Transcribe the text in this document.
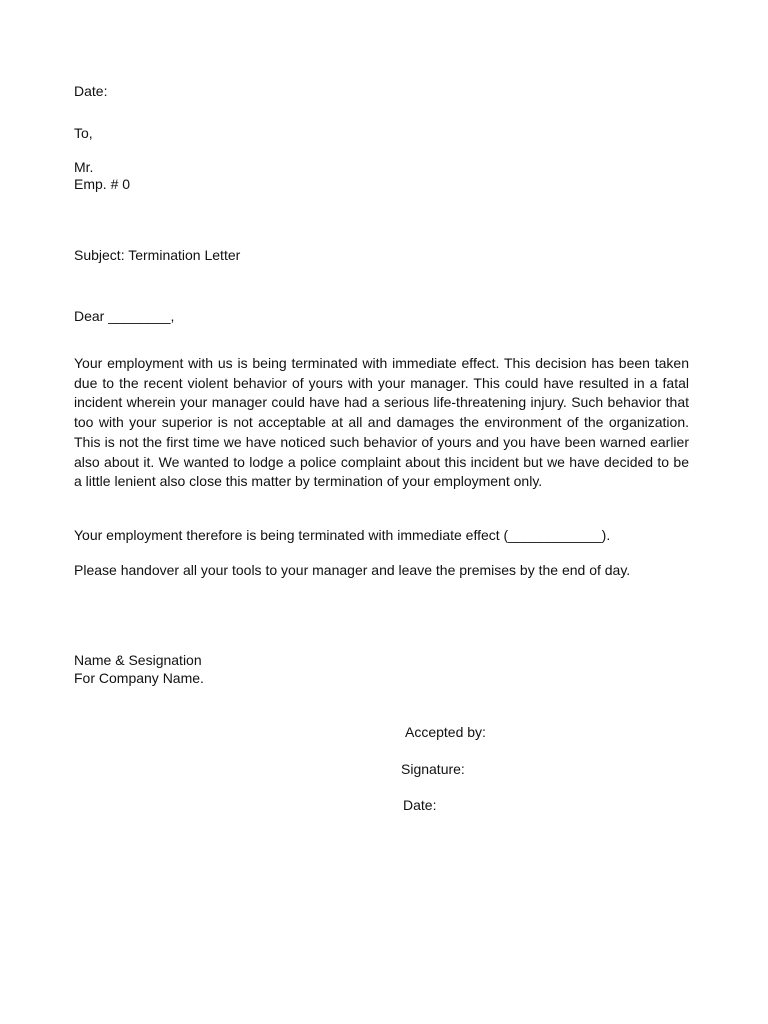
Date:
To,
Mr.
Emp. # 0
Subject: Termination Letter
Dear ________,
Your employment with us is being terminated with immediate effect. This decision has been taken due to the recent violent behavior of yours with your manager. This could have resulted in a fatal incident wherein your manager could have had a serious life-threatening injury. Such behavior that too with your superior is not acceptable at all and damages the environment of the organization. This is not the first time we have noticed such behavior of yours and you have been warned earlier also about it. We wanted to lodge a police complaint about this incident but we have decided to be a little lenient also close this matter by termination of your employment only.
Your employment therefore is being terminated with immediate effect (____________).
Please handover all your tools to your manager and leave the premises by the end of day.
Name & Sesignation
For Company Name.
Accepted by:
Signature:
Date:
